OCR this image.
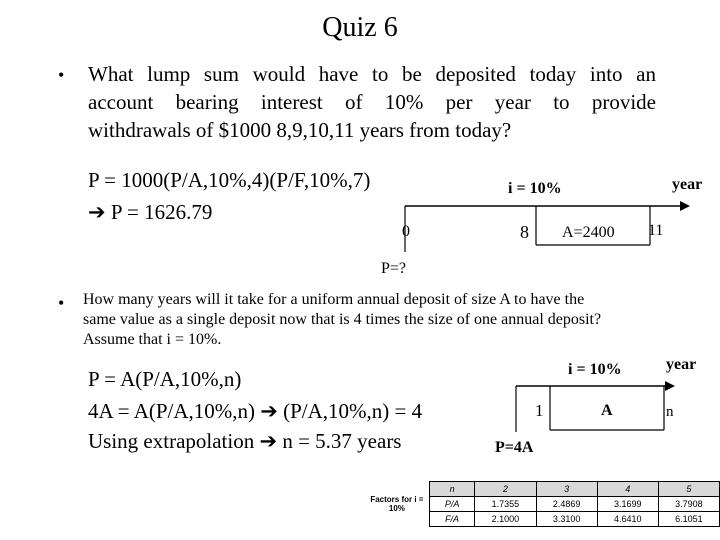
Quiz 6
• What lump sum would have to be deposited today into an
account bearing interest of 10% per year to provide
withdrawals of $1000 8,9,10,11 years from today?
P = 1000(P/A,10%,4)(P/F,10%,7)
➔ P = 1626.79
i = 10%	year
0	8 A=2400 11
P=?
• How many years will it take for a uniform annual deposit of size A to have the
same value as a single deposit now that is 4 times the size of one annual deposit?
Assume that i = 10%.
P = A(P/A,10%,n)
4A = A(P/A,10%,n) ➔ (P/A,10%,n) = 4
Using extrapolation ➔ n = 5.37 years
i = 10%	year
1	A	n
P=4A
Factors for i = 10%	n	2	3	4	5
	P/A	1.7355	2.4869	3.1699	3.7908
	F/A	2.1000	3.3100	4.6410	6.1051
